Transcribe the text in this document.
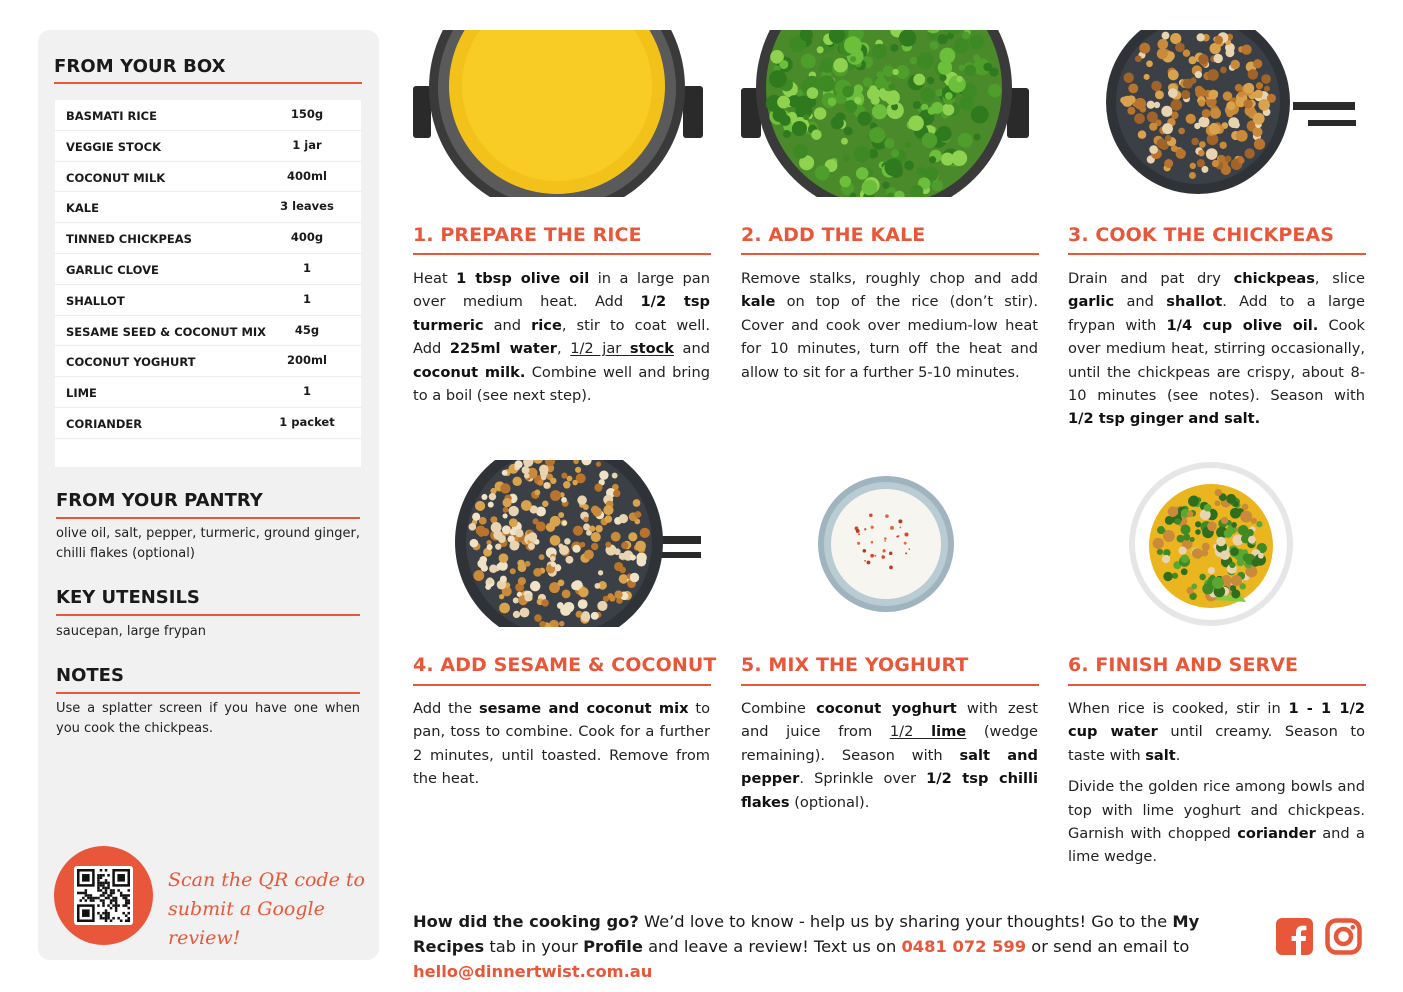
FROM YOUR BOX
BASMATI RICE	150g
VEGGIE STOCK	1 jar
COCONUT MILK	400ml
KALE	3 leaves
TINNED CHICKPEAS	400g
GARLIC CLOVE	1
SHALLOT	1
SESAME SEED & COCONUT MIX	45g
COCONUT YOGHURT	200ml
LIME	1
CORIANDER	1 packet
FROM YOUR PANTRY
olive oil, salt, pepper, turmeric, ground ginger, chilli flakes (optional)
KEY UTENSILS
saucepan, large frypan
NOTES
Use a splatter screen if you have one when you cook the chickpeas.
Scan the QR code to
submit a Google review!
1. PREPARE THE RICE

Heat 1 tbsp olive oil in a large pan over medium heat. Add 1/2 tsp turmeric and rice, stir to coat well. Add 225ml water, 1/2 jar stock and coconut milk. Combine well and bring to a boil (see next step).

2. ADD THE KALE

Remove stalks, roughly chop and add kale on top of the rice (don’t stir). Cover and cook over medium-low heat for 10 minutes, turn off the heat and allow to sit for a further 5-10 minutes.

3. COOK THE CHICKPEAS

Drain and pat dry chickpeas, slice garlic and shallot. Add to a large frypan with 1/4 cup olive oil. Cook over medium heat, stirring occasionally, until the chickpeas are crispy, about 8-10 minutes (see notes). Season with 1/2 tsp ginger and salt.

4. ADD SESAME & COCONUT

Add the sesame and coconut mix to pan, toss to combine. Cook for a further 2 minutes, until toasted. Remove from the heat.

5. MIX THE YOGHURT

Combine coconut yoghurt with zest and juice from 1/2 lime (wedge remaining). Season with salt and pepper. Sprinkle over 1/2 tsp chilli flakes (optional).

6. FINISH AND SERVE

When rice is cooked, stir in 1 - 1 1/2 cup water until creamy. Season to taste with salt.

Divide the golden rice among bowls and top with lime yoghurt and chickpeas. Garnish with chopped coriander and a lime wedge.

How did the cooking go? We’d love to know - help us by sharing your thoughts! Go to the My Recipes tab in your Profile and leave a review! Text us on 0481 072 599 or send an email to hello@dinnertwist.com.au
